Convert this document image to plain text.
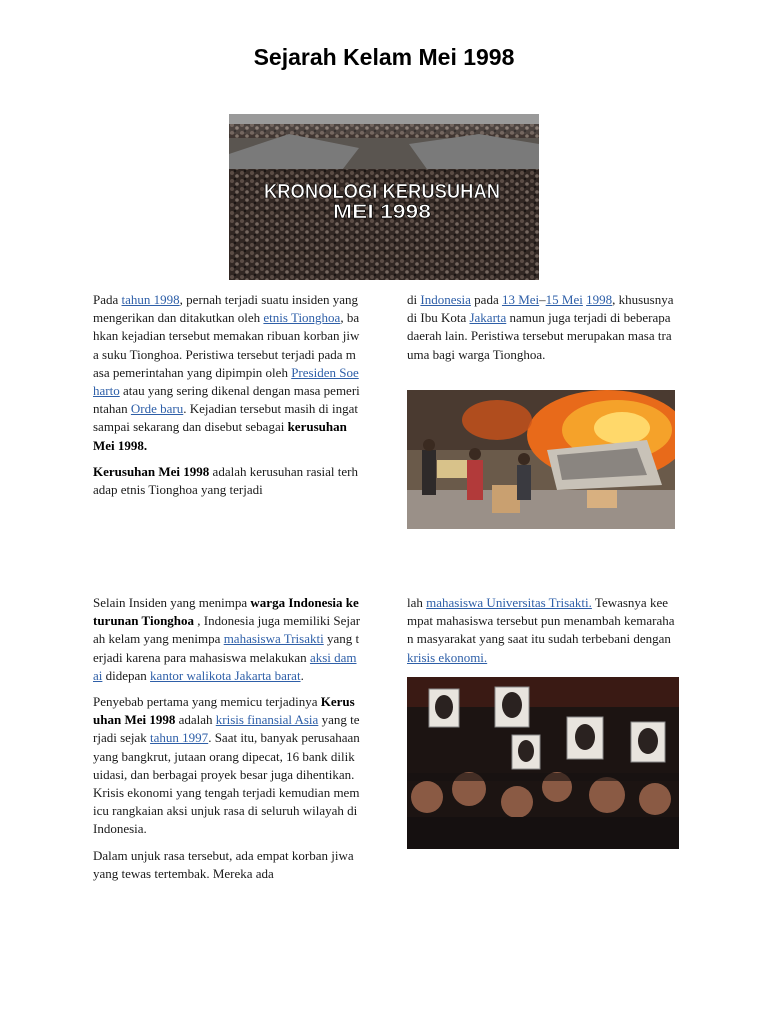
Sejarah Kelam Mei 1998
KRONOLOGI KERUSUHAN
MEI 1998

Pada tahun 1998, pernah terjadi suatu insiden yang mengerikan dan ditakutkan oleh etnis Tionghoa, bahkan kejadian tersebut memakan ribuan korban jiwa suku Tionghoa. Peristiwa tersebut terjadi pada masa pemerintahan yang dipimpin oleh Presiden Soeharto atau yang sering dikenal dengan masa pemerintahan Orde baru. Kejadian tersebut masih di ingat sampai sekarang dan disebut sebagai kerusuhan Mei 1998.

Kerusuhan Mei 1998 adalah kerusuhan rasial terhadap etnis Tionghoa yang terjadi

di Indonesia pada 13 Mei–15 Mei 1998, khususnya di Ibu Kota Jakarta namun juga terjadi di beberapa daerah lain. Peristiwa tersebut merupakan masa trauma bagi warga Tionghoa.

Selain Insiden yang menimpa warga Indonesia keturunan Tionghoa , Indonesia juga memiliki Sejarah kelam yang menimpa mahasiswa Trisakti yang terjadi karena para mahasiswa melakukan aksi damai didepan kantor walikota Jakarta barat.

Penyebab pertama yang memicu terjadinya Kerusuhan Mei 1998 adalah krisis finansial Asia yang terjadi sejak tahun 1997. Saat itu, banyak perusahaan yang bangkrut, jutaan orang dipecat, 16 bank dilikuidasi, dan berbagai proyek besar juga dihentikan. Krisis ekonomi yang tengah terjadi kemudian memicu rangkaian aksi unjuk rasa di seluruh wilayah di Indonesia.

Dalam unjuk rasa tersebut, ada empat korban jiwa yang tewas tertembak. Mereka ada

lah mahasiswa Universitas Trisakti. Tewasnya keempat mahasiswa tersebut pun menambah kemarahan masyarakat yang saat itu sudah terbebani dengan krisis ekonomi.
